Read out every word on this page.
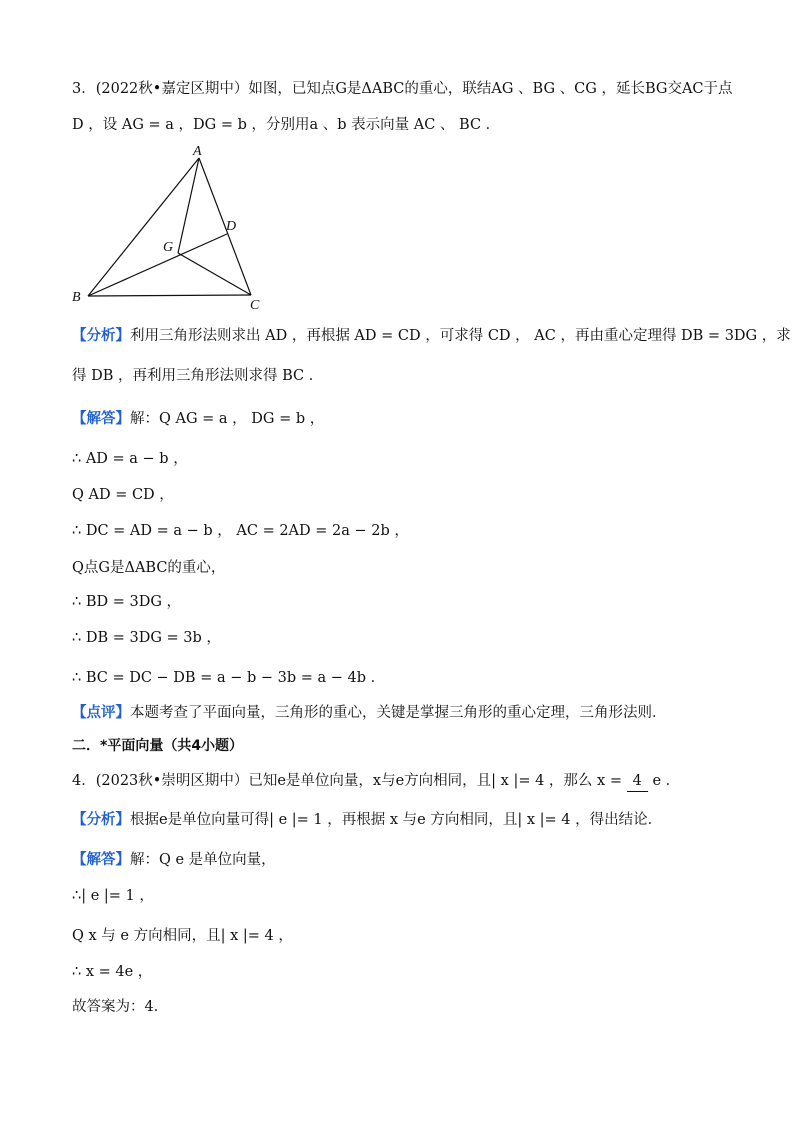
3．(2022秋•嘉定区期中）如图，已知点G是ΔABC的重心，联结AG 、BG 、CG ，延长BG交AC于点
D ，设 AG = a ，DG = b ，分别用a 、b 表示向量 AC 、 BC ．
A
B
C
D
G
【分析】利用三角形法则求出 AD ，再根据 AD = CD ，可求得 CD ， AC ，再由重心定理得 DB = 3DG ，求
得 DB ，再利用三角形法则求得 BC ．
【解答】解：Q AG = a ， DG = b ，
∴ AD = a − b ，
Q AD = CD ，
∴ DC = AD = a − b ， AC = 2AD = 2a − 2b ，
Q点G是ΔABC的重心，
∴ BD = 3DG ，
∴ DB = 3DG = 3b ，
∴ BC = DC − DB = a − b − 3b = a − 4b ．
【点评】本题考查了平面向量，三角形的重心，关键是掌握三角形的重心定理，三角形法则．
二．*平面向量（共4小题）
4．(2023秋•崇明区期中）已知e是单位向量，x与e方向相同，且| x |= 4 ，那么 x = 4 e ．
【分析】根据e是单位向量可得| e |= 1 ，再根据 x 与e 方向相同，且| x |= 4 ，得出结论．
【解答】解：Q e 是单位向量，
∴| e |= 1 ，
Q x 与 e 方向相同，且| x |= 4 ，
∴ x = 4e ，
故答案为：4．
